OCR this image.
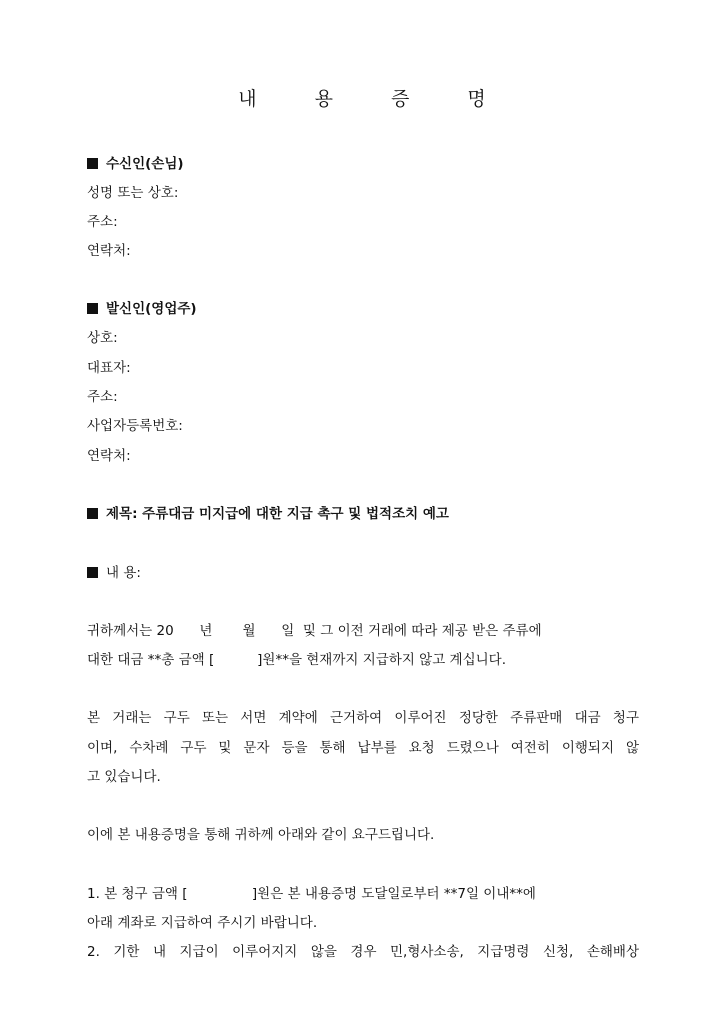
내 용 증 명
수신인(손님)
성명 또는 상호:
주소:
연락처:
발신인(영업주)
상호:
대표자:
주소:
사업자등록번호:
연락처:
제목: 주류대금 미지급에 대한 지급 촉구 및 법적조치 예고
내 용:
귀하께서는 20      년       월      일  및 그 이전 거래에 따라 제공 받은 주류에
대한 대금 **총 금액 [          ]원**을 현재까지 지급하지 않고 계십니다.
본 거래는 구두 또는 서면 계약에 근거하여 이루어진 정당한 주류판매 대금 청구
이며, 수차례 구두 및 문자 등을 통해 납부를 요청 드렸으나 여전히 이행되지 않
고 있습니다.
이에 본 내용증명을 통해 귀하께 아래와 같이 요구드립니다.
1. 본 청구 금액 [               ]원은 본 내용증명 도달일로부터 **7일 이내**에
아래 계좌로 지급하여 주시기 바랍니다.
2. 기한 내 지급이 이루어지지 않을 경우 민,형사소송, 지급명령 신청, 손해배상
